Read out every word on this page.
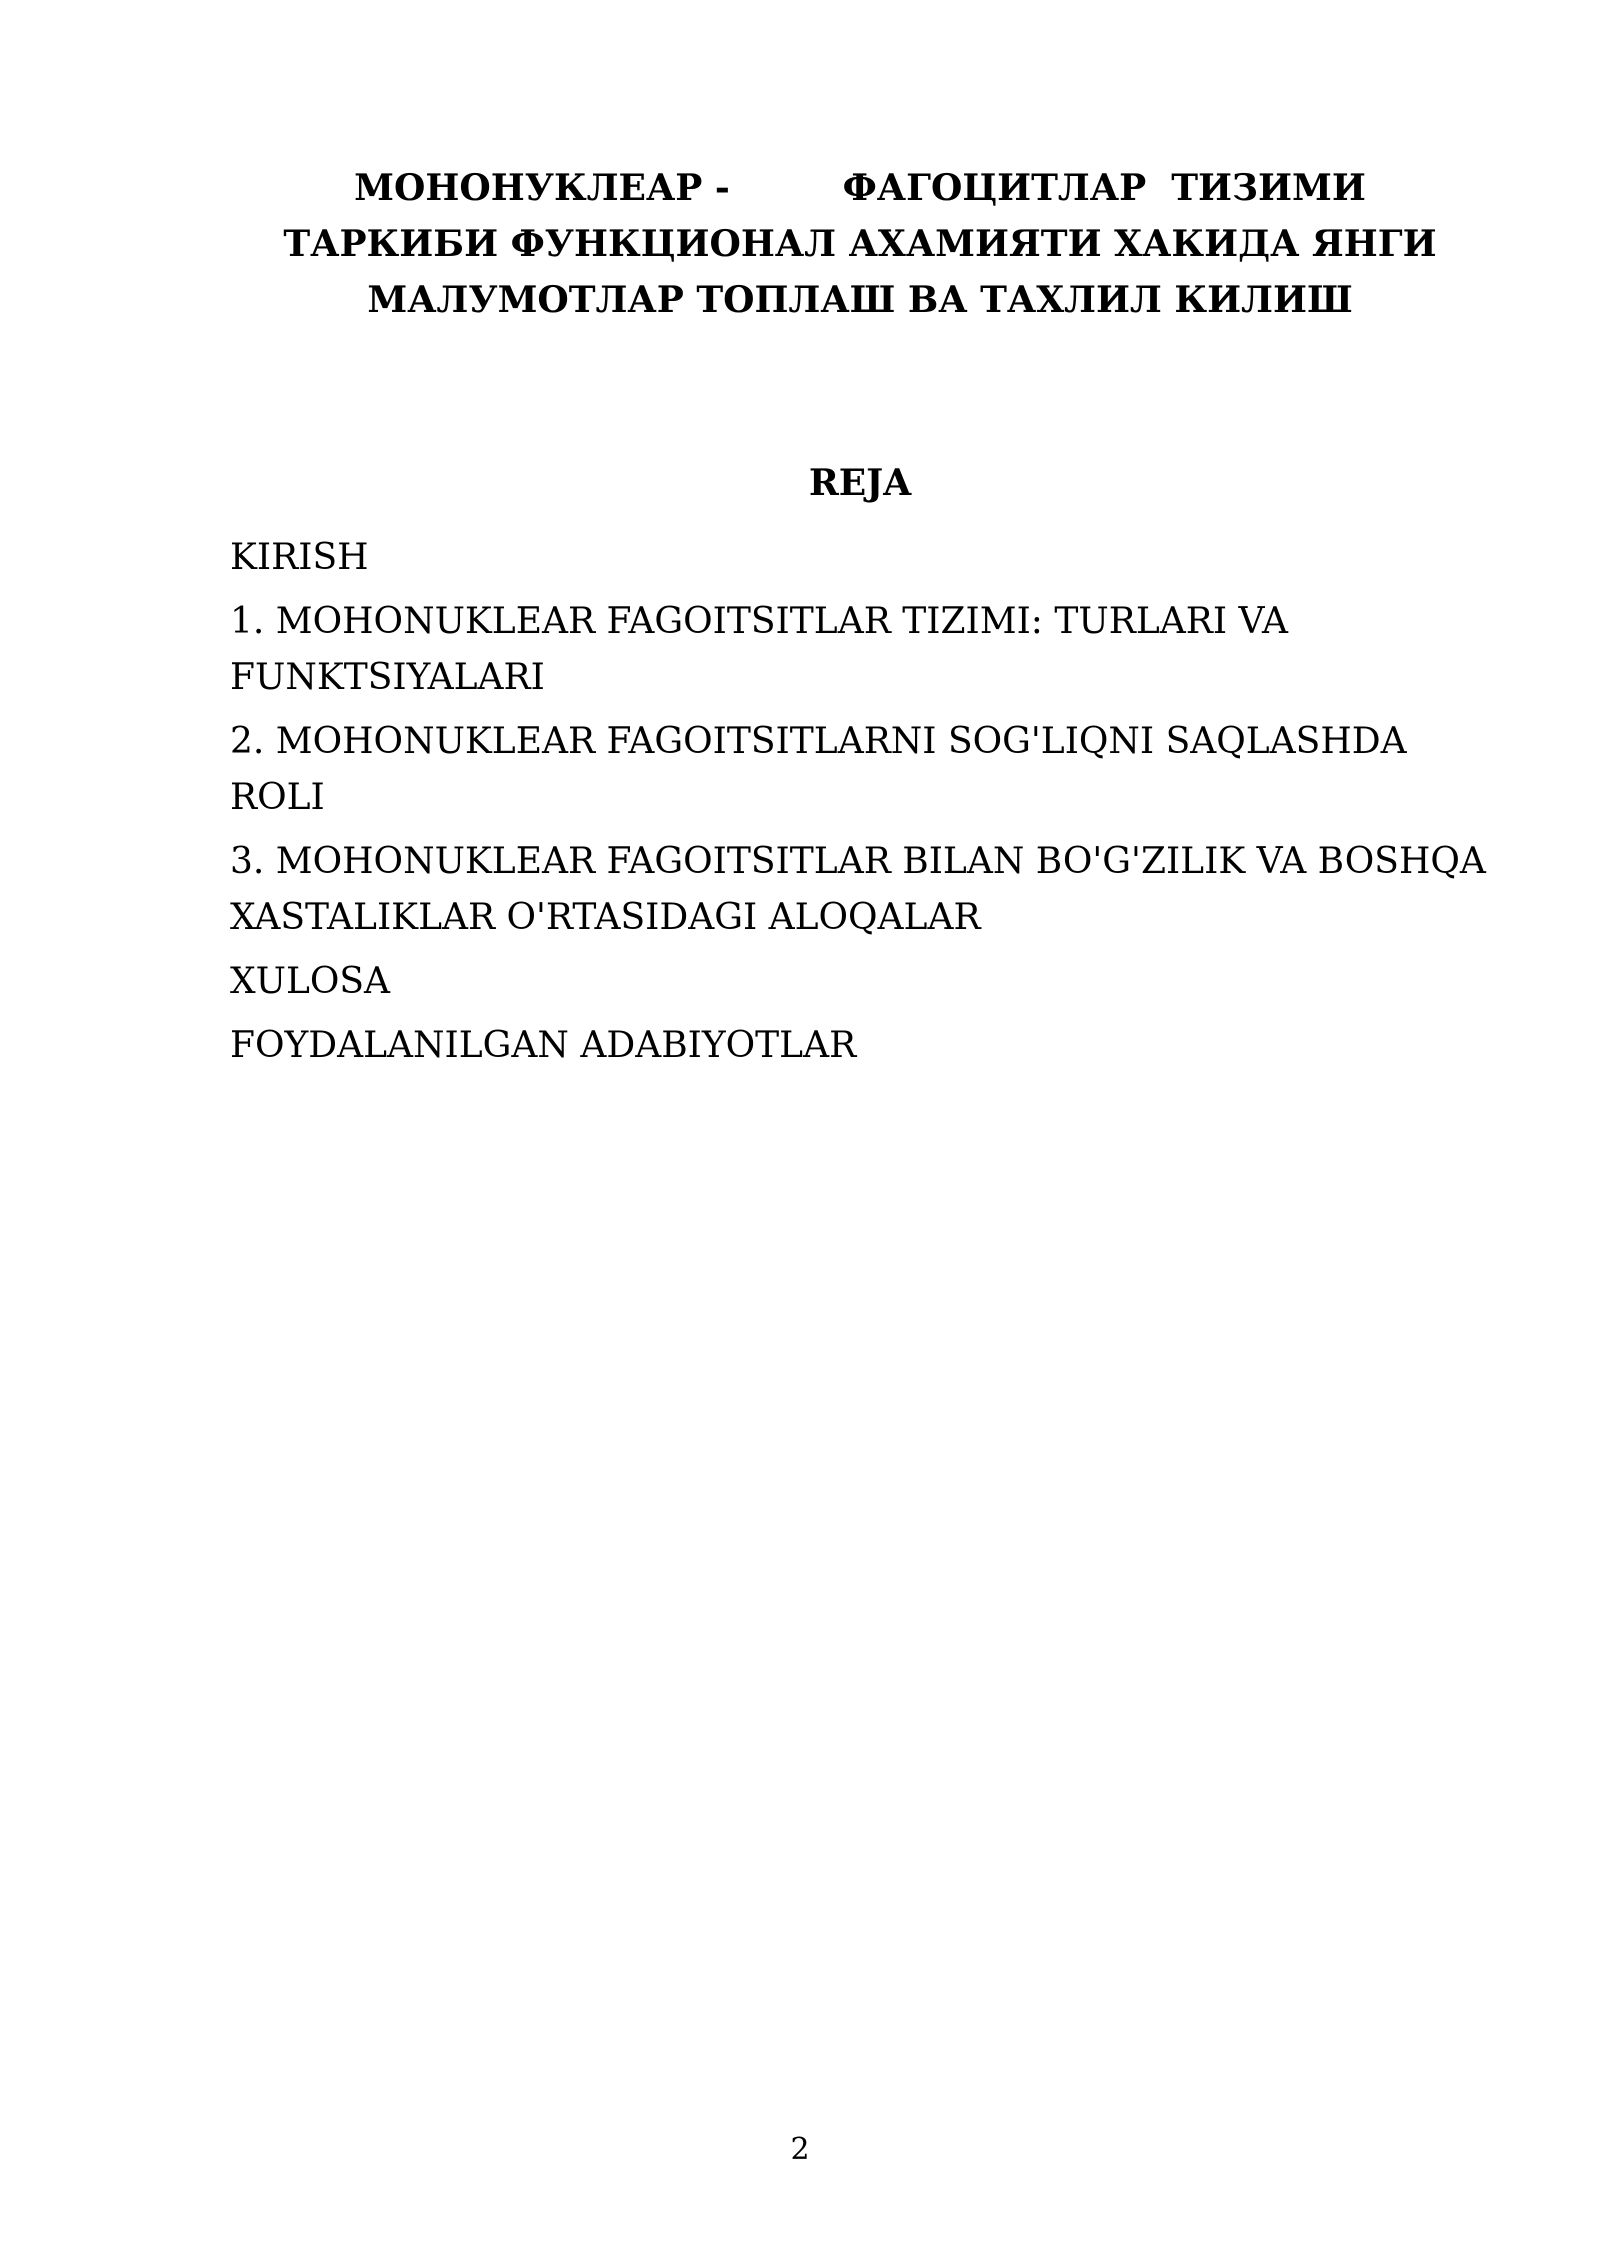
МОНОНУКЛЕАР -         ФАГОЦИТЛАР  ТИЗИМИ
ТАРКИБИ ФУНКЦИОНАЛ АХАМИЯТИ ХАКИДА ЯНГИ
МАЛУМОТЛАР ТОПЛАШ ВА ТАХЛИЛ КИЛИШ
REJA
KIRISH
1. MOHONUKLEAR FAGOITSITLAR TIZIMI: TURLARI VA FUNKTSIYALARI
2. MOHONUKLEAR FAGOITSITLARNI SOG'LIQNI SAQLASHDA ROLI
3. MOHONUKLEAR FAGOITSITLAR BILAN BO'G'ZILIK VA BOSHQA XASTALIKLAR O'RTASIDAGI ALOQALAR
XULOSA
FOYDALANILGAN ADABIYOTLAR
2
